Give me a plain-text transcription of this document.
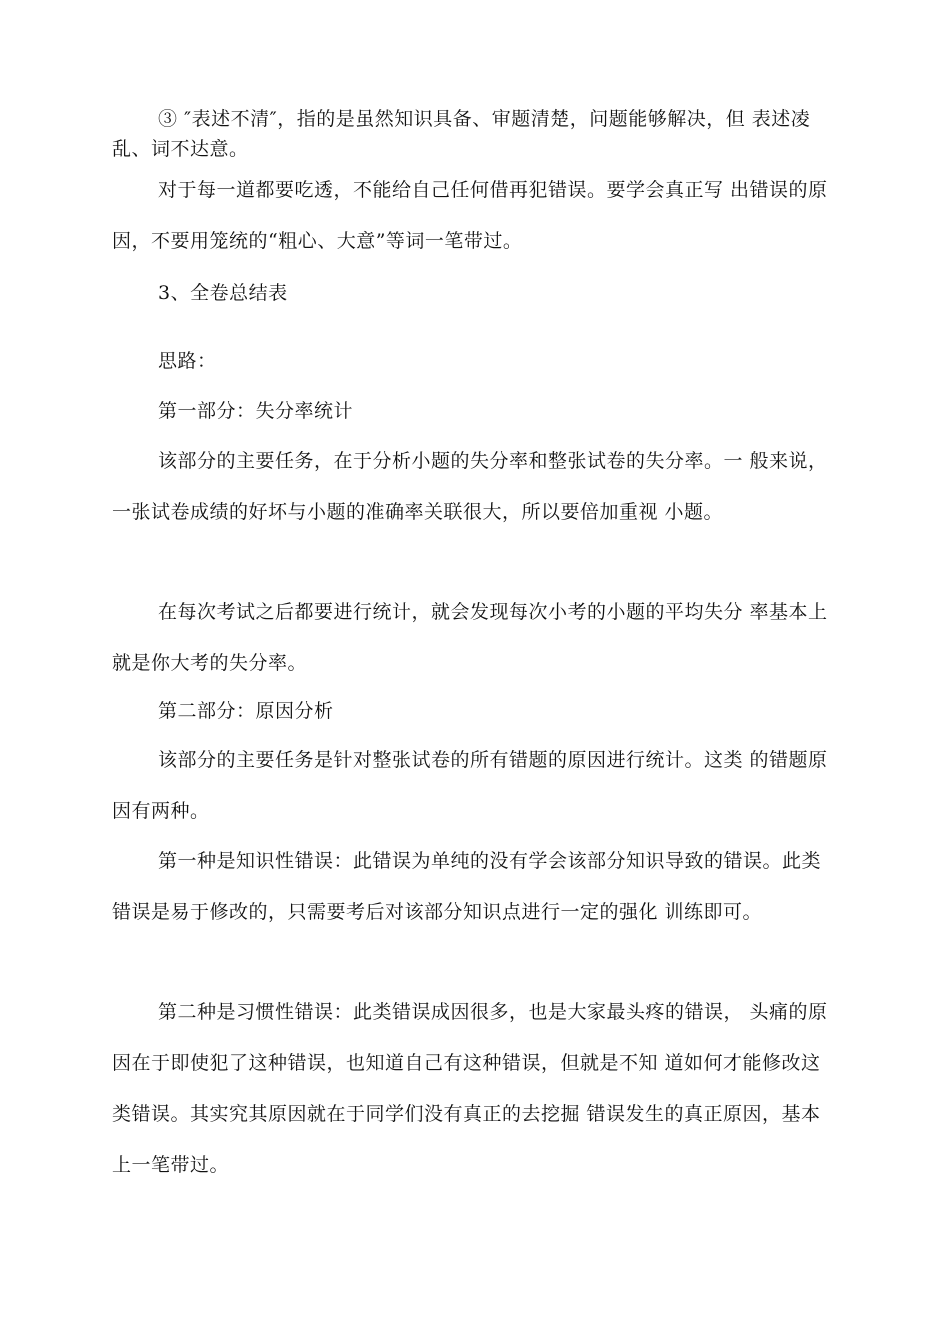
③ ″表述不清″，指的是虽然知识具备、审题清楚，问题能够解决，但 表述凌乱、词不达意。

对于每一道都要吃透，不能给自己任何借再犯错误。要学会真正写 出错误的原因，不要用笼统的“粗心、大意”等词一笔带过。

3、全卷总结表

思路：

第一部分：失分率统计

该部分的主要任务，在于分析小题的失分率和整张试卷的失分率。一 般来说，一张试卷成绩的好坏与小题的准确率关联很大，所以要倍加重视 小题。

在每次考试之后都要进行统计，就会发现每次小考的小题的平均失分 率基本上就是你大考的失分率。

第二部分：原因分析

该部分的主要任务是针对整张试卷的所有错题的原因进行统计。这类 的错题原因有两种。

第一种是知识性错误：此错误为单纯的没有学会该部分知识导致的错误。此类错误是易于修改的，只需要考后对该部分知识点进行一定的强化 训练即可。

第二种是习惯性错误：此类错误成因很多，也是大家最头疼的错误， 头痛的原因在于即使犯了这种错误，也知道自己有这种错误，但就是不知 道如何才能修改这类错误。其实究其原因就在于同学们没有真正的去挖掘 错误发生的真正原因，基本上一笔带过。
